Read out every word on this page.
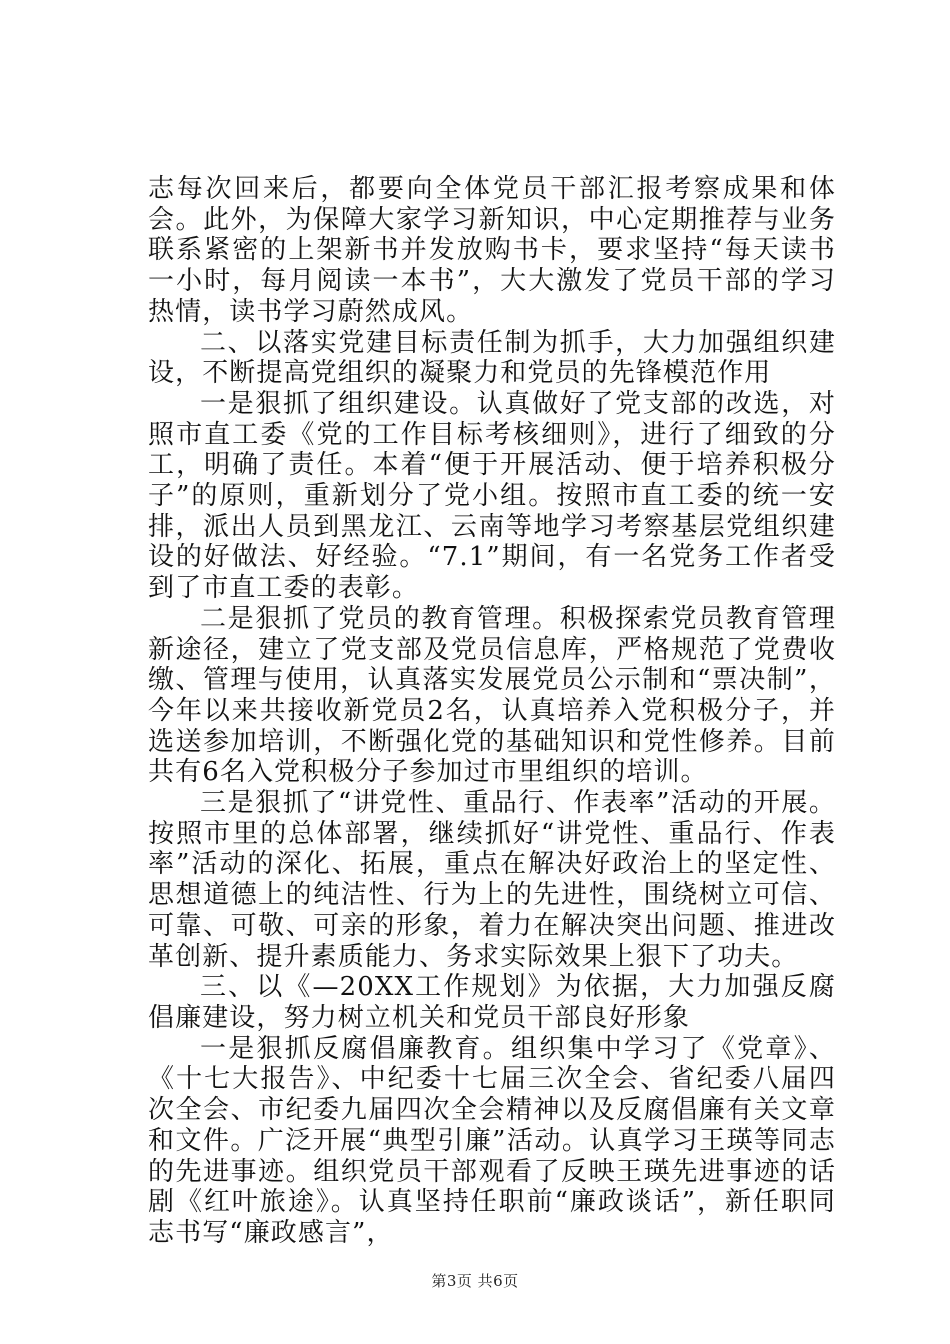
志每次回来后，都要向全体党员干部汇报考察成果和体会。此外，为保障大家学习新知识，中心定期推荐与业务联系紧密的上架新书并发放购书卡，要求坚持“每天读书一小时，每月阅读一本书”，大大激发了党员干部的学习热情，读书学习蔚然成风。

二、以落实党建目标责任制为抓手，大力加强组织建设，不断提高党组织的凝聚力和党员的先锋模范作用

一是狠抓了组织建设。认真做好了党支部的改选，对照市直工委《党的工作目标考核细则》，进行了细致的分工，明确了责任。本着“便于开展活动、便于培养积极分子”的原则，重新划分了党小组。按照市直工委的统一安排，派出人员到黑龙江、云南等地学习考察基层党组织建设的好做法、好经验。“7.1”期间，有一名党务工作者受到了市直工委的表彰。

二是狠抓了党员的教育管理。积极探索党员教育管理新途径，建立了党支部及党员信息库，严格规范了党费收缴、管理与使用，认真落实发展党员公示制和“票决制”，今年以来共接收新党员2名，认真培养入党积极分子，并选送参加培训，不断强化党的基础知识和党性修养。目前共有6名入党积极分子参加过市里组织的培训。

三是狠抓了“讲党性、重品行、作表率”活动的开展。按照市里的总体部署，继续抓好“讲党性、重品行、作表率”活动的深化、拓展，重点在解决好政治上的坚定性、思想道德上的纯洁性、行为上的先进性，围绕树立可信、可靠、可敬、可亲的形象，着力在解决突出问题、推进改革创新、提升素质能力、务求实际效果上狠下了功夫。

三、以《—20XX工作规划》为依据，大力加强反腐倡廉建设，努力树立机关和党员干部良好形象

一是狠抓反腐倡廉教育。组织集中学习了《党章》、《十七大报告》、中纪委十七届三次全会、省纪委八届四次全会、市纪委九届四次全会精神以及反腐倡廉有关文章和文件。广泛开展“典型引廉”活动。认真学习王瑛等同志的先进事迹。组织党员干部观看了反映王瑛先进事迹的话剧《红叶旅途》。认真坚持任职前“廉政谈话”，新任职同志书写“廉政感言”，

第3页 共6页
